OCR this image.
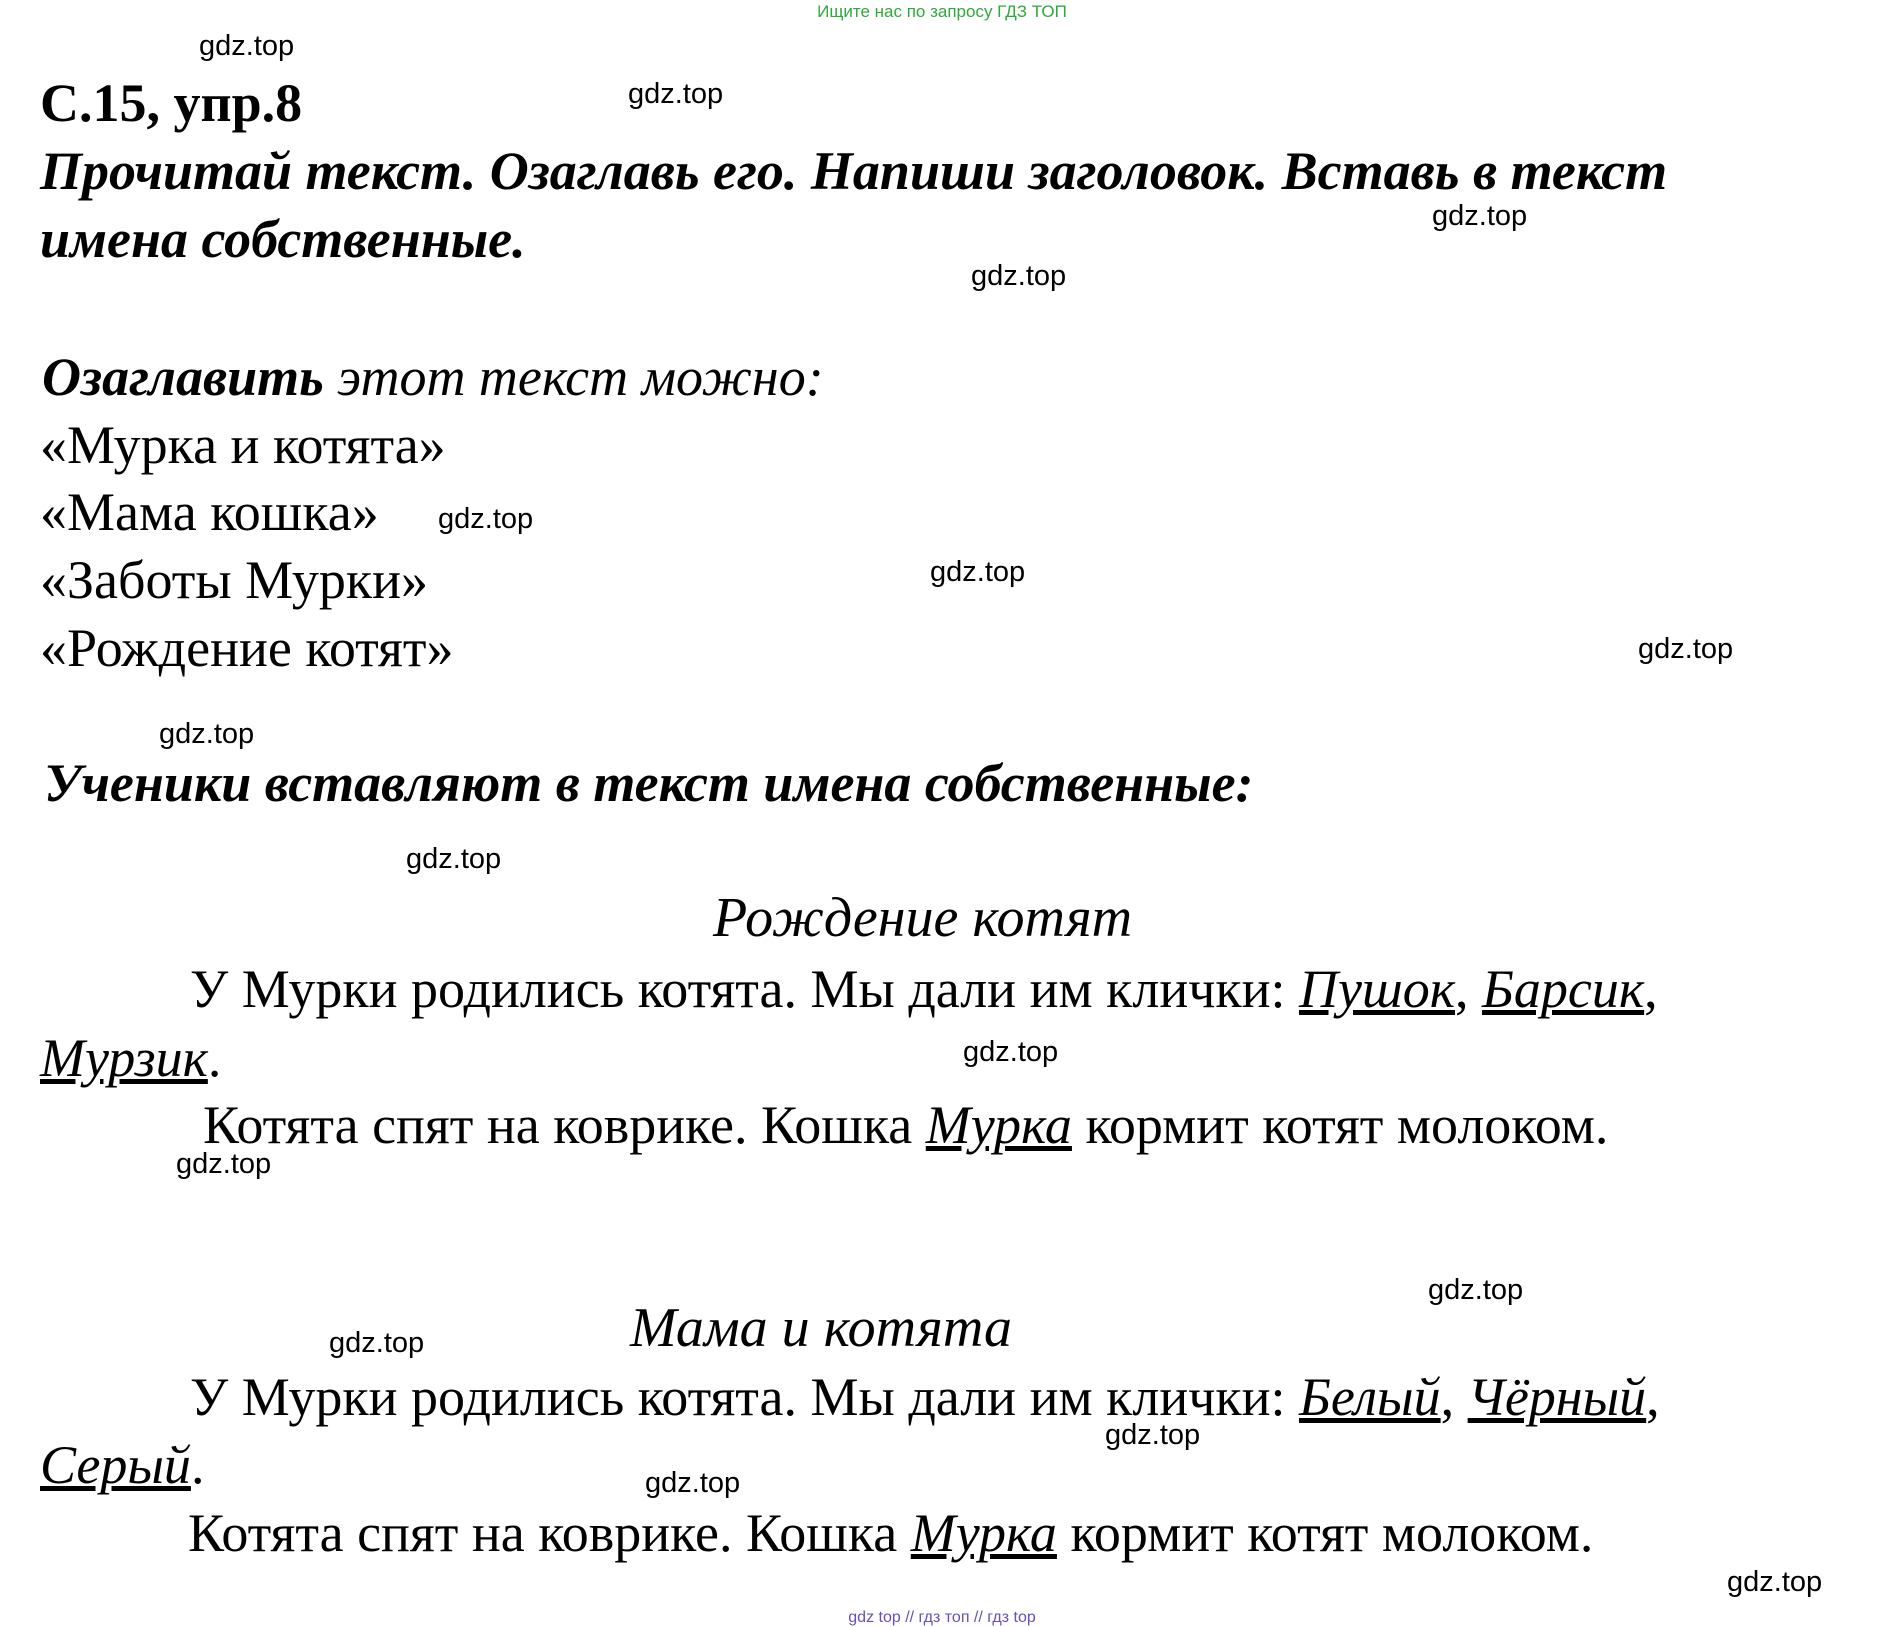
Ищите нас по запросу ГДЗ ТОП
gdz top // гдз топ // гдз top
gdz.top
gdz.top
gdz.top
gdz.top
gdz.top
gdz.top
gdz.top
gdz.top
gdz.top
gdz.top
gdz.top
gdz.top
gdz.top
gdz.top
gdz.top
gdz.top
С.15, упр.8
Прочитай текст. Озаглавь его. Напиши заголовок. Вставь в текст
имена собственные.
Озаглавить этот текст можно:
«Мурка и котята»
«Мама кошка»
«Заботы Мурки»
«Рождение котят»
Ученики вставляют в текст имена собственные:
Рождение котят
У Мурки родились котята. Мы дали им клички: Пушок, Барсик,
Мурзик.
Котята спят на коврике. Кошка Мурка кормит котят молоком.
Мама и котята
У Мурки родились котята. Мы дали им клички: Белый, Чёрный,
Серый.
Котята спят на коврике. Кошка Мурка кормит котят молоком.
